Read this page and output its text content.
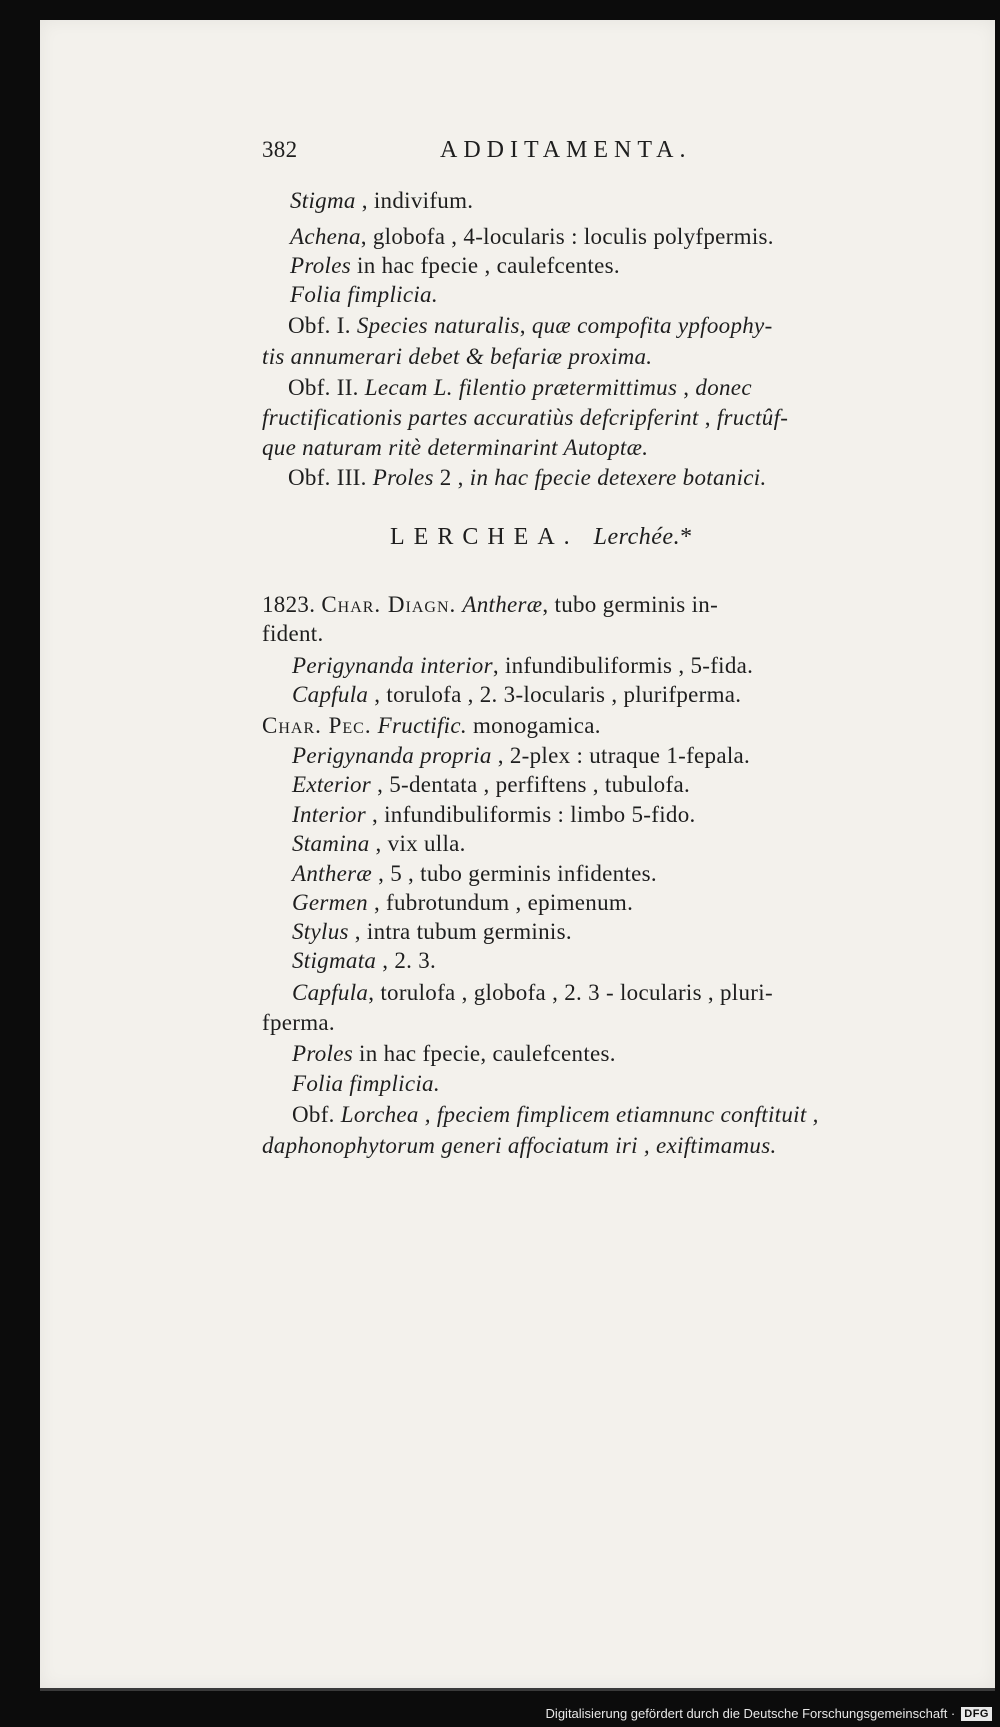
382	ADDITAMENTA.
Stigma , indivifum.
Achena, globofa , 4-locularis : loculis polyfpermis.
Proles in hac fpecie , caulefcentes.
Folia fimplicia.
Obf. I. Species naturalis, quæ compofita ypfoophy-
tis annumerari debet & befariæ proxima.
Obf. II. Lecam L. filentio prætermittimus , donec
fructificationis partes accuratiùs defcripferint , fructûf-
que naturam ritè determinarint Autoptæ.
Obf. III. Proles 2 , in hac fpecie detexere botanici.
LERCHEA. Lerchée.*
1823. Char. Diagn. Antheræ, tubo germinis in-
fident.
Perigynanda interior, infundibuliformis , 5-fida.
Capfula , torulofa , 2. 3-locularis , plurifperma.
Char. Pec. Fructific. monogamica.
Perigynanda propria , 2-plex : utraque 1-fepala.
Exterior , 5-dentata , perfiftens , tubulofa.
Interior , infundibuliformis : limbo 5-fido.
Stamina , vix ulla.
Antheræ , 5 , tubo germinis infidentes.
Germen , fubrotundum , epimenum.
Stylus , intra tubum germinis.
Stigmata , 2. 3.
Capfula, torulofa , globofa , 2. 3 - locularis , pluri-
fperma.
Proles in hac fpecie, caulefcentes.
Folia fimplicia.
Obf. Lorchea , fpeciem fimplicem etiamnunc conftituit ,
daphonophytorum generi affociatum iri , exiftimamus.
Digitalisierung gefördert durch die Deutsche Forschungsgemeinschaft · DFG
